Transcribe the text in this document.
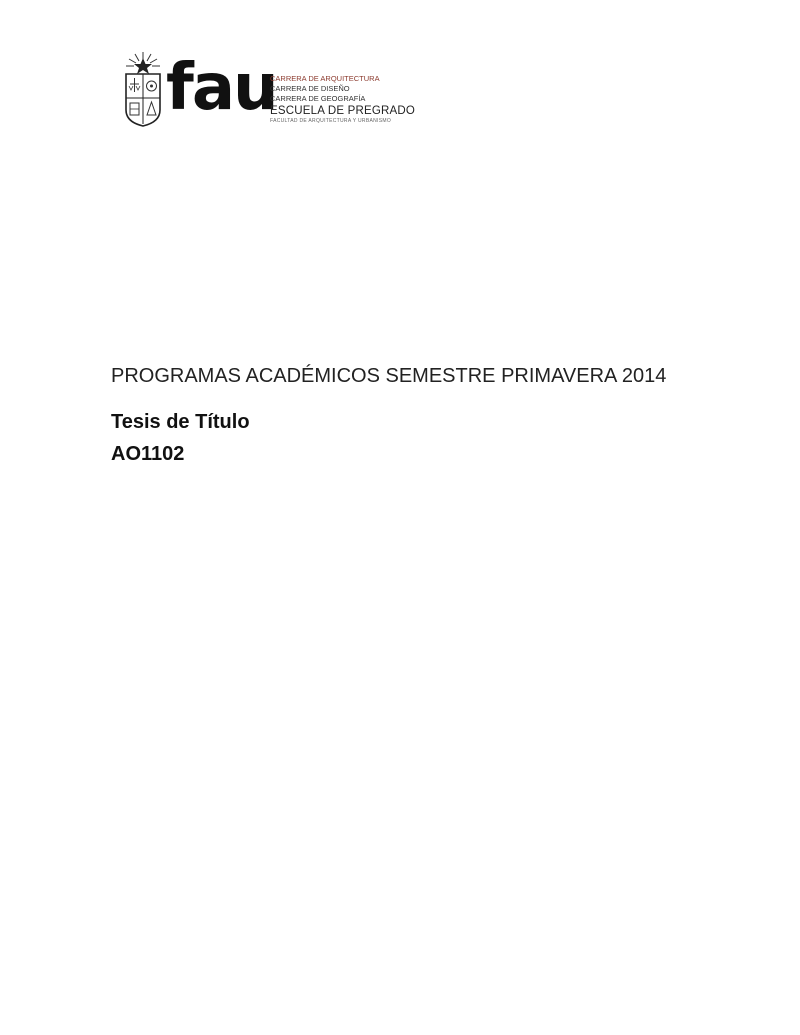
fau
CARRERA DE ARQUITECTURA
CARRERA DE DISEÑO
CARRERA DE GEOGRAFÍA
ESCUELA DE PREGRADO
FACULTAD DE ARQUITECTURA Y URBANISMO
PROGRAMAS ACADÉMICOS SEMESTRE PRIMAVERA 2014
Tesis de Título
AO1102
